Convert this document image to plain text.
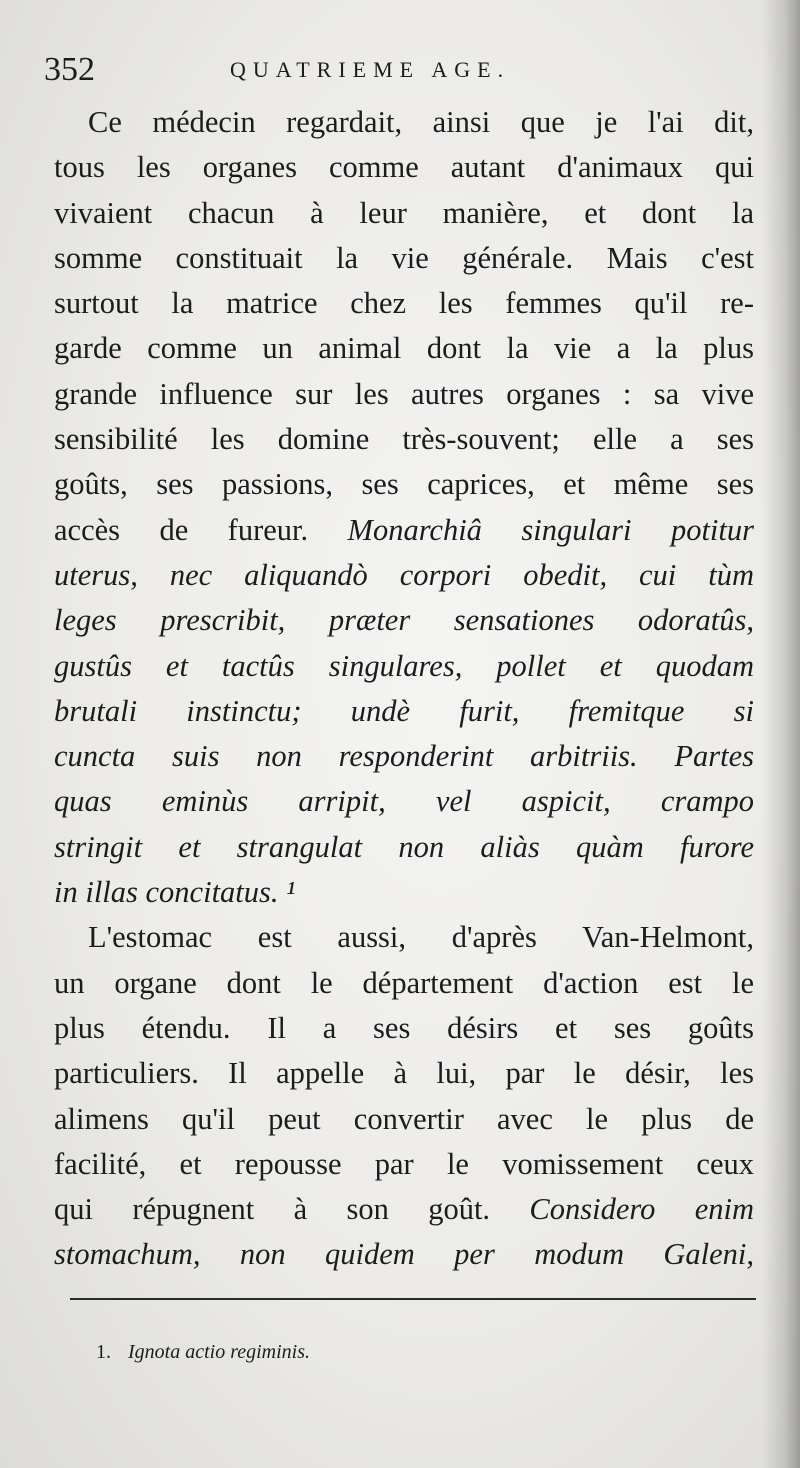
352	QUATRIEME AGE.
Ce médecin regardait, ainsi que je l'ai dit,
tous les organes comme autant d'animaux qui
vivaient chacun à leur manière, et dont la
somme constituait la vie générale. Mais c'est
surtout la matrice chez les femmes qu'il re-
garde comme un animal dont la vie a la plus
grande influence sur les autres organes : sa vive
sensibilité les domine très-souvent; elle a ses
goûts, ses passions, ses caprices, et même ses
accès de fureur. Monarchiâ singulari potitur
uterus, nec aliquandò corpori obedit, cui tùm
leges prescribit, præter sensationes odoratûs,
gustûs et tactûs singulares, pollet et quodam
brutali instinctu; undè furit, fremitque si
cuncta suis non responderint arbitriis. Partes
quas eminùs arripit, vel aspicit, crampo
stringit et strangulat non aliàs quàm furore
in illas concitatus. ¹
L'estomac est aussi, d'après Van-Helmont,
un organe dont le département d'action est le
plus étendu. Il a ses désirs et ses goûts
particuliers. Il appelle à lui, par le désir, les
alimens qu'il peut convertir avec le plus de
facilité, et repousse par le vomissement ceux
qui répugnent à son goût. Considero enim
stomachum, non quidem per modum Galeni,
1. Ignota actio regiminis.
